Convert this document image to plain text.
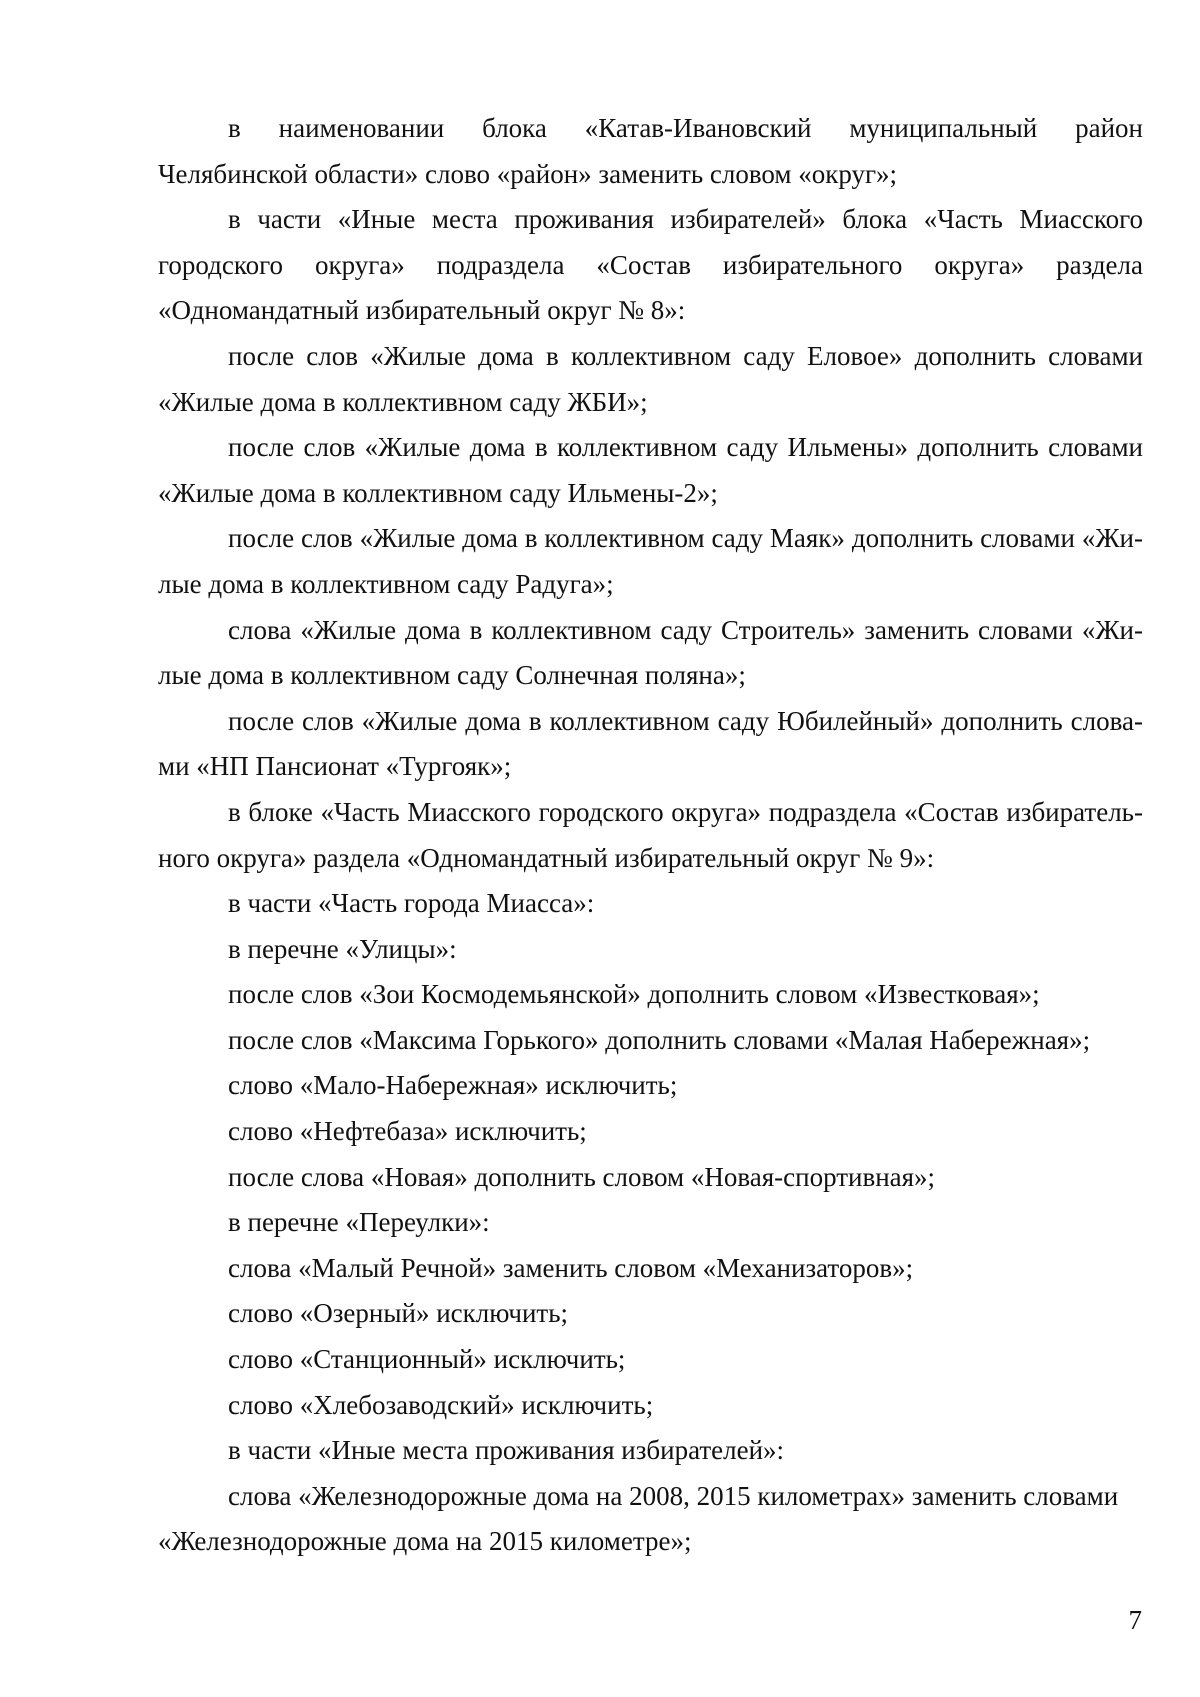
в наименовании блока «Катав-Ивановский муниципальный район Челябинской области» слово «район» заменить словом «округ»;

в части «Иные места проживания избирателей» блока «Часть Миасского городского округа» подраздела «Состав избирательного округа» раздела «Одномандатный избирательный округ № 8»:

после слов «Жилые дома в коллективном саду Еловое» дополнить словами «Жилые дома в коллективном саду ЖБИ»;

после слов «Жилые дома в коллективном саду Ильмены» дополнить словами «Жилые дома в коллективном саду Ильмены-2»;

после слов «Жилые дома в коллективном саду Маяк» дополнить словами «Жилые дома в коллективном саду Радуга»;

слова «Жилые дома в коллективном саду Строитель» заменить словами «Жилые дома в коллективном саду Солнечная поляна»;

после слов «Жилые дома в коллективном саду Юбилейный» дополнить словами «НП Пансионат «Тургояк»;

в блоке «Часть Миасского городского округа» подраздела «Состав избирательного округа» раздела «Одномандатный избирательный округ № 9»:

в части «Часть города Миасса»:

в перечне «Улицы»:

после слов «Зои Космодемьянской» дополнить словом «Известковая»;

после слов «Максима Горького» дополнить словами «Малая Набережная»;

слово «Мало-Набережная» исключить;

слово «Нефтебаза» исключить;

после слова «Новая» дополнить словом «Новая-спортивная»;

в перечне «Переулки»:

слова «Малый Речной» заменить словом «Механизаторов»;

слово «Озерный» исключить;

слово «Станционный» исключить;

слово «Хлебозаводский» исключить;

в части «Иные места проживания избирателей»:

слова «Железнодорожные дома на 2008, 2015 километрах» заменить словами «Железнодорожные дома на 2015 километре»;

7
